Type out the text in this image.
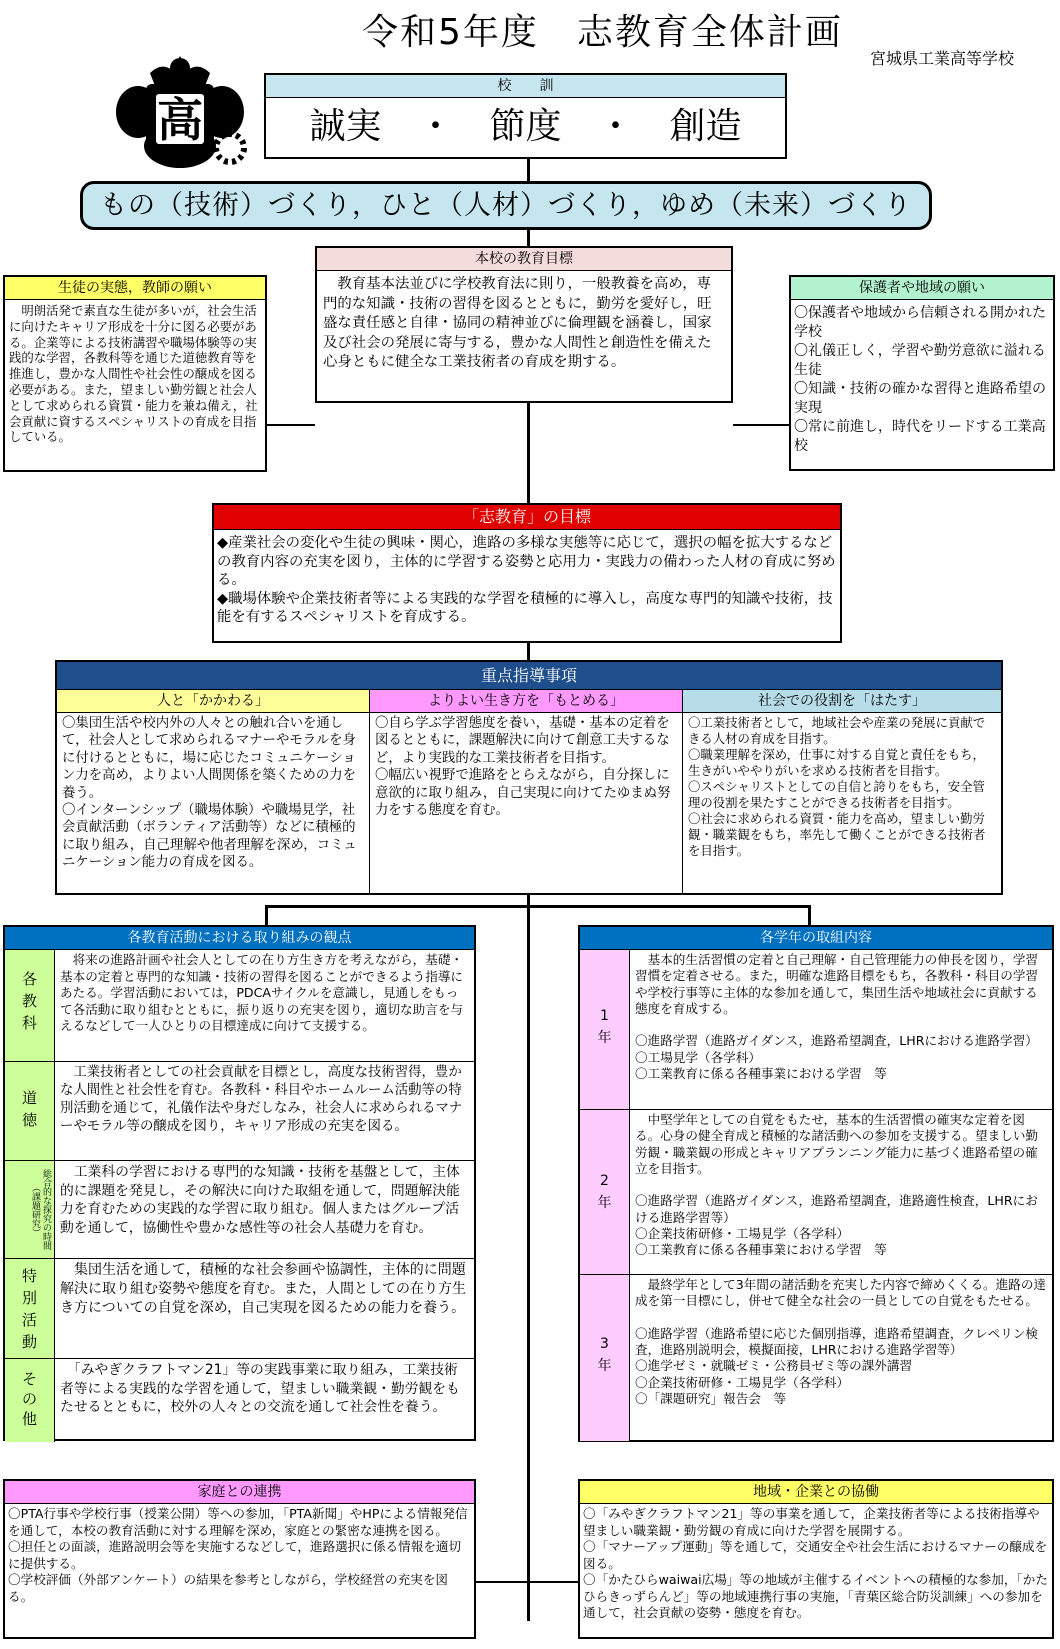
令和5年度　志教育全体計画
宮城県工業高等学校
高
校　　訓
誠実　・　節度　・　創造
もの（技術）づくり，ひと（人材）づくり，ゆめ（未来）づくり
本校の教育目標
　教育基本法並びに学校教育法に則り，一般教養を高め，専門的な知識・技術の習得を図るとともに，勤労を愛好し，旺盛な責任感と自律・協同の精神並びに倫理観を涵養し，国家及び社会の発展に寄与する，豊かな人間性と創造性を備えた心身ともに健全な工業技術者の育成を期する。
生徒の実態，教師の願い
　明朗活発で素直な生徒が多いが，社会生活に向けたキャリア形成を十分に図る必要がある。企業等による技術講習や職場体験等の実践的な学習，各教科等を通じた道徳教育等を推進し，豊かな人間性や社会性の醸成を図る必要がある。また，望ましい勤労観と社会人として求められる資質・能力を兼ね備え，社会貢献に資するスペシャリストの育成を目指している。
保護者や地域の願い
〇保護者や地域から信頼される開かれた学校
〇礼儀正しく，学習や勤労意欲に溢れる生徒
〇知識・技術の確かな習得と進路希望の実現
〇常に前進し，時代をリードする工業高校
「志教育」の目標
◆産業社会の変化や生徒の興味・関心，進路の多様な実態等に応じて，選択の幅を拡大するなどの教育内容の充実を図り，主体的に学習する姿勢と応用力・実践力の備わった人材の育成に努める。
◆職場体験や企業技術者等による実践的な学習を積極的に導入し，高度な専門的知識や技術，技能を有するスペシャリストを育成する。
重点指導事項
人と「かかわる」
〇集団生活や校内外の人々との触れ合いを通して，社会人として求められるマナーやモラルを身に付けるとともに，場に応じたコミュニケーション力を高め，よりよい人間関係を築くための力を養う。
〇インターンシップ（職場体験）や職場見学，社会貢献活動（ボランティア活動等）などに積極的に取り組み，自己理解や他者理解を深め，コミュニケーション能力の育成を図る。
よりよい生き方を「もとめる」
〇自ら学ぶ学習態度を養い，基礎・基本の定着を図るとともに，課題解決に向けて創意工夫するなど，より実践的な工業技術者を目指す。
〇幅広い視野で進路をとらえながら，自分探しに意欲的に取り組み，自己実現に向けてたゆまぬ努力をする態度を育む。
社会での役割を「はたす」
〇工業技術者として，地域社会や産業の発展に貢献できる人材の育成を目指す。
〇職業理解を深め，仕事に対する自覚と責任をもち，生きがいややりがいを求める技術者を目指す。
〇スペシャリストとしての自信と誇りをもち，安全管理の役割を果たすことができる技術者を目指す。
〇社会に求められる資質・能力を高め，望ましい勤労観・職業観をもち，率先して働くことができる技術者を目指す。
各教育活動における取り組みの観点
各
教
科
　将来の進路計画や社会人としての在り方生き方を考えながら，基礎・基本の定着と専門的な知識・技術の習得を図ることができるよう指導にあたる。学習活動においては，PDCAサイクルを意識し，見通しをもって各活動に取り組むとともに，振り返りの充実を図り，適切な助言を与えるなどして一人ひとりの目標達成に向けて支援する。
道
徳
　工業技術者としての社会貢献を目標とし，高度な技術習得，豊かな人間性と社会性を育む。各教科・科目やホームルーム活動等の特別活動を通じて，礼儀作法や身だしなみ，社会人に求められるマナーやモラル等の醸成を図り，キャリア形成の充実を図る。
総合的な探究の時間（課題研究）
　工業科の学習における専門的な知識・技術を基盤として，主体的に課題を発見し，その解決に向けた取組を通して，問題解決能力を育むための実践的な学習に取り組む。個人またはグループ活動を通して，協働性や豊かな感性等の社会人基礎力を育む。
特
別
活
動
　集団生活を通して，積極的な社会参画や協調性，主体的に問題解決に取り組む姿勢や態度を育む。また，人間としての在り方生き方についての自覚を深め，自己実現を図るための能力を養う。
そ
の
他
　「みやぎクラフトマン21」等の実践事業に取り組み，工業技術者等による実践的な学習を通して，望ましい職業観・勤労観をもたせるとともに，校外の人々との交流を通して社会性を養う。
各学年の取組内容
1
年
　基本的生活習慣の定着と自己理解・自己管理能力の伸長を図り，学習習慣を定着させる。また，明確な進路目標をもち，各教科・科目の学習や学校行事等に主体的な参加を通して，集団生活や地域社会に貢献する態度を育成する。

〇進路学習（進路ガイダンス，進路希望調査，LHRにおける進路学習）
〇工場見学（各学科）
〇工業教育に係る各種事業における学習　等
2
年
　中堅学年としての自覚をもたせ，基本的生活習慣の確実な定着を図る。心身の健全育成と積極的な諸活動への参加を支援する。望ましい勤労観・職業観の形成とキャリアプランニング能力に基づく進路希望の確立を目指す。

〇進路学習（進路ガイダンス，進路希望調査，進路適性検査，LHRにおける進路学習等）
〇企業技術研修・工場見学（各学科）
〇工業教育に係る各種事業における学習　等
3
年
　最終学年として3年間の諸活動を充実した内容で締めくくる。進路の達成を第一目標にし，併せて健全な社会の一員としての自覚をもたせる。

〇進路学習（進路希望に応じた個別指導，進路希望調査，クレペリン検査，進路別説明会，模擬面接，LHRにおける進路学習等）
〇進学ゼミ・就職ゼミ・公務員ゼミ等の課外講習
〇企業技術研修・工場見学（各学科）
〇「課題研究」報告会　等
家庭との連携
〇PTA行事や学校行事（授業公開）等への参加，「PTA新聞」やHPによる情報発信を通して，本校の教育活動に対する理解を深め，家庭との緊密な連携を図る。
〇担任との面談，進路説明会等を実施するなどして，進路選択に係る情報を適切に提供する。
〇学校評価（外部アンケート）の結果を参考としながら，学校経営の充実を図る。
地域・企業との協働
〇「みやぎクラフトマン21」等の事業を通して，企業技術者等による技術指導や望ましい職業観・勤労観の育成に向けた学習を展開する。
〇「マナーアップ運動」等を通して，交通安全や社会生活におけるマナーの醸成を図る。
〇「かたひらwaiwai広場」等の地域が主催するイベントへの積極的な参加，「かたひらきっずらんど」等の地域連携行事の実施，「青葉区総合防災訓練」への参加を通して，社会貢献の姿勢・態度を育む。
